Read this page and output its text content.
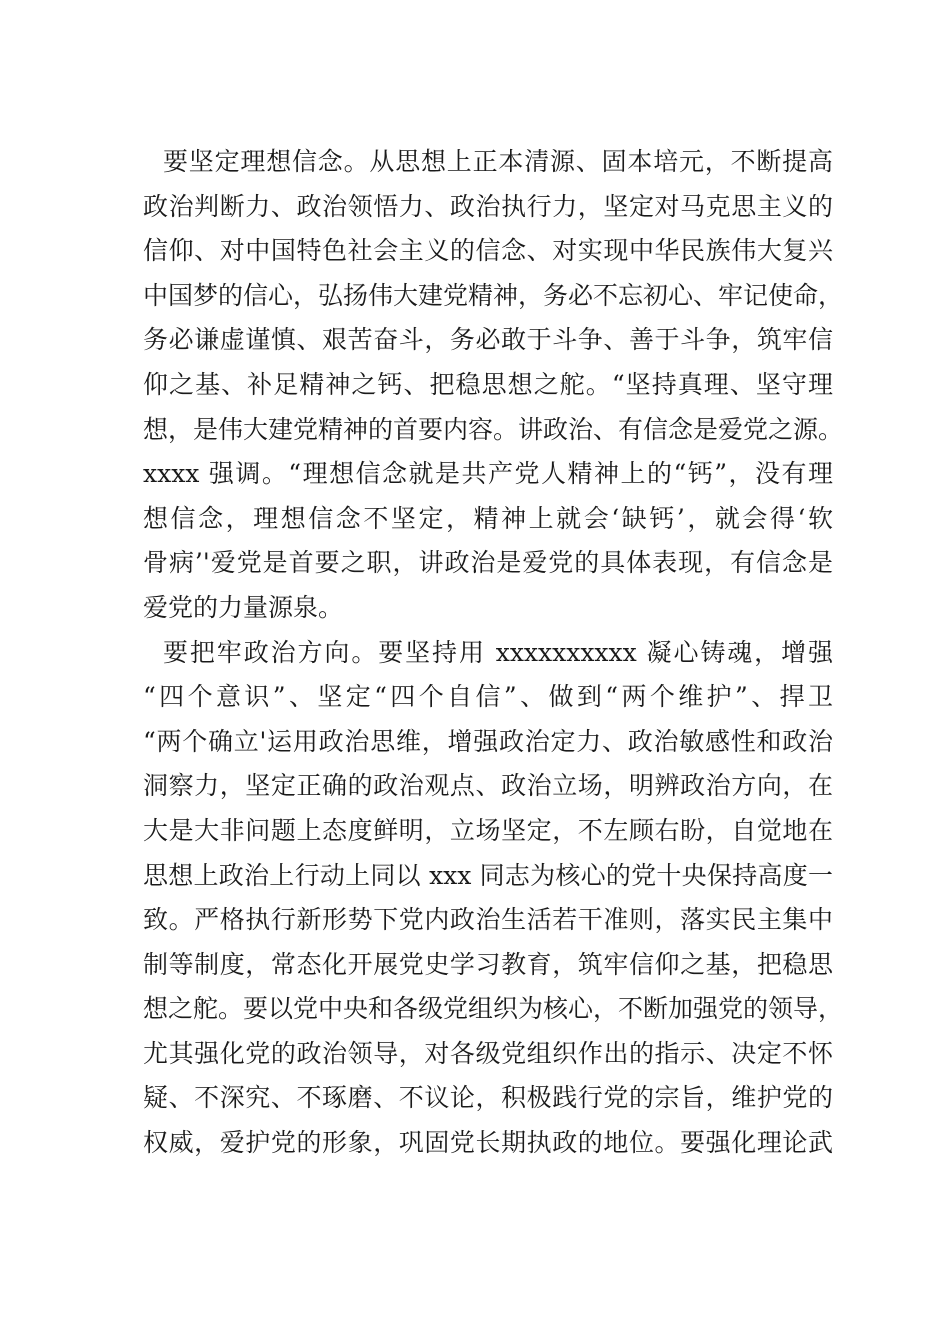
要坚定理想信念。从思想上正本清源、固本培元，不断提高
政治判断力、政治领悟力、政治执行力，坚定对马克思主义的
信仰、对中国特色社会主义的信念、对实现中华民族伟大复兴
中国梦的信心，弘扬伟大建党精神，务必不忘初心、牢记使命，
务必谦虚谨慎、艰苦奋斗，务必敢于斗争、善于斗争，筑牢信
仰之基、补足精神之钙、把稳思想之舵。“坚持真理、坚守理
想，是伟大建党精神的首要内容。讲政治、有信念是爱党之源。
xxxx 强调。“理想信念就是共产党人精神上的“钙”，没有理
想信念，理想信念不坚定，精神上就会‘缺钙’，就会得‘软
骨病’'爱党是首要之职，讲政治是爱党的具体表现，有信念是
爱党的力量源泉。
要把牢政治方向。要坚持用 xxxxxxxxxx 凝心铸魂，增强
“四个意识”、坚定“四个自信”、做到“两个维护”、捍卫
“两个确立'运用政治思维，增强政治定力、政治敏感性和政治
洞察力，坚定正确的政治观点、政治立场，明辨政治方向，在
大是大非问题上态度鲜明，立场坚定，不左顾右盼，自觉地在
思想上政治上行动上同以 xxx 同志为核心的党十央保持高度一
致。严格执行新形势下党内政治生活若干准则，落实民主集中
制等制度，常态化开展党史学习教育，筑牢信仰之基，把稳思
想之舵。要以党中央和各级党组织为核心，不断加强党的领导，
尤其强化党的政治领导，对各级党组织作出的指示、决定不怀
疑、不深究、不琢磨、不议论，积极践行党的宗旨，维护党的
权威，爱护党的形象，巩固党长期执政的地位。要强化理论武
